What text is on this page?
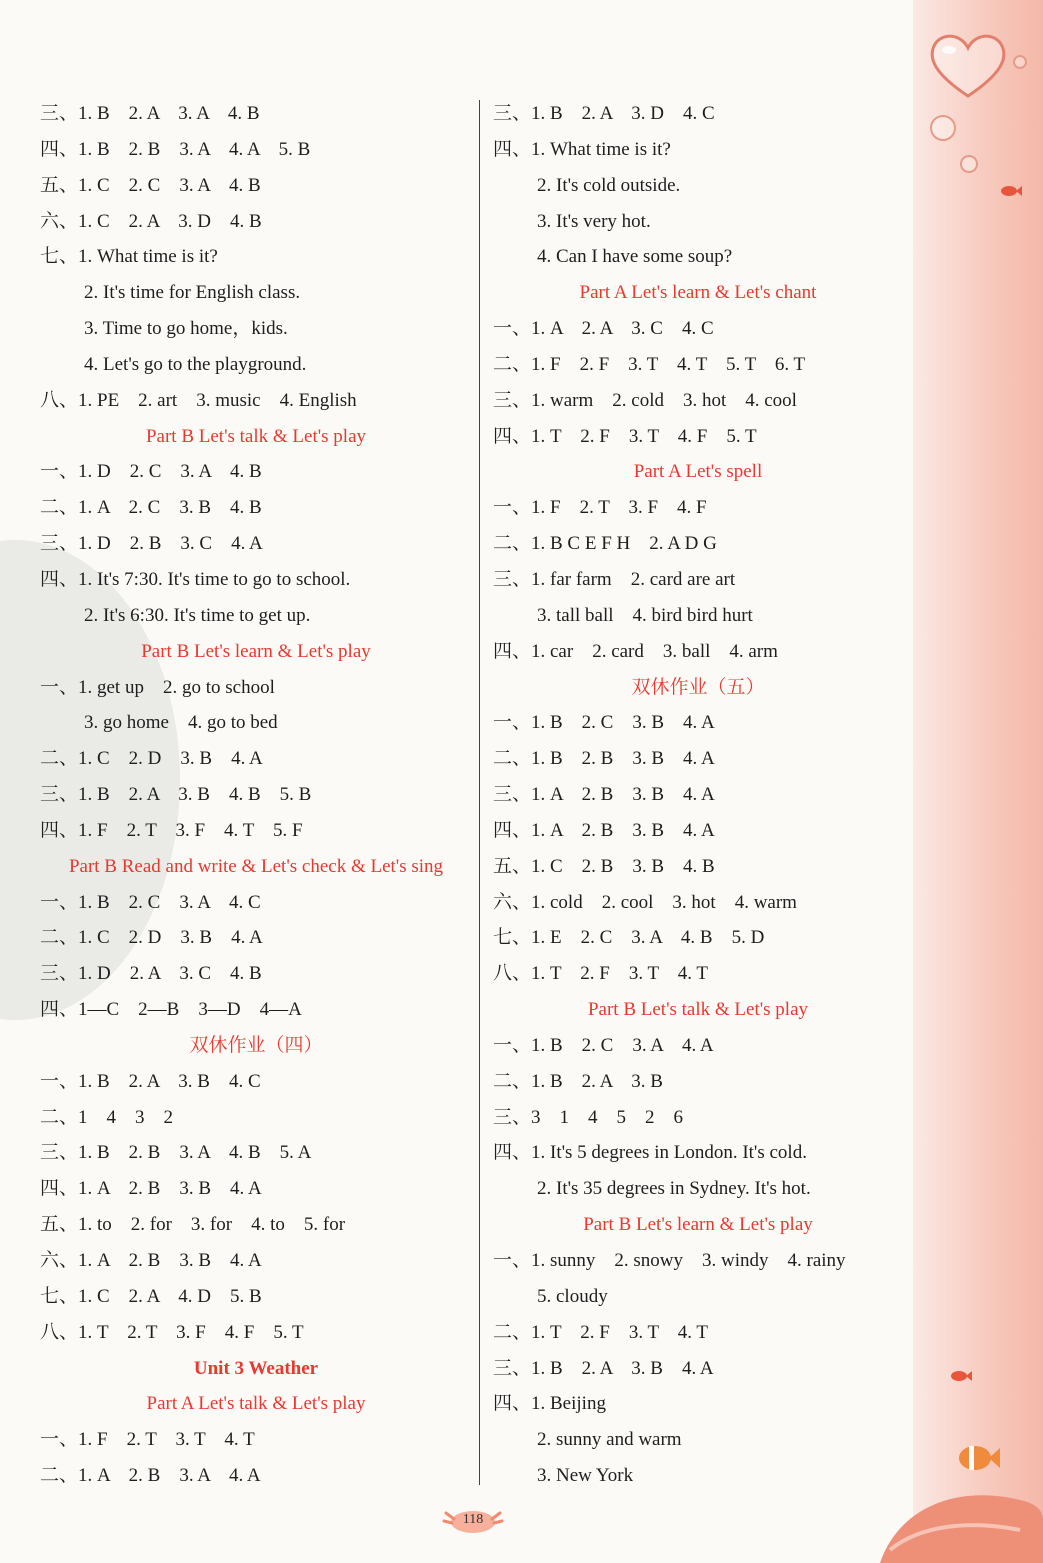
三、1. B　2. A　3. A　4. B
四、1. B　2. B　3. A　4. A　5. B
五、1. C　2. C　3. A　4. B
六、1. C　2. A　3. D　4. B
七、1. What time is it?
2. It's time for English class.
3. Time to go home，kids.
4. Let's go to the playground.
八、1. PE　2. art　3. music　4. English
Part B Let's talk & Let's play
一、1. D　2. C　3. A　4. B
二、1. A　2. C　3. B　4. B
三、1. D　2. B　3. C　4. A
四、1. It's 7:30. It's time to go to school.
2. It's 6:30. It's time to get up.
Part B Let's learn & Let's play
一、1. get up　2. go to school
3. go home　4. go to bed
二、1. C　2. D　3. B　4. A
三、1. B　2. A　3. B　4. B　5. B
四、1. F　2. T　3. F　4. T　5. F
Part B Read and write & Let's check & Let's sing
一、1. B　2. C　3. A　4. C
二、1. C　2. D　3. B　4. A
三、1. D　2. A　3. C　4. B
四、1—C　2—B　3—D　4—A
双休作业（四）
一、1. B　2. A　3. B　4. C
二、1　4　3　2
三、1. B　2. B　3. A　4. B　5. A
四、1. A　2. B　3. B　4. A
五、1. to　2. for　3. for　4. to　5. for
六、1. A　2. B　3. B　4. A
七、1. C　2. A　4. D　5. B
八、1. T　2. T　3. F　4. F　5. T
Unit 3 Weather
Part A Let's talk & Let's play
一、1. F　2. T　3. T　4. T
二、1. A　2. B　3. A　4. A
三、1. B　2. A　3. D　4. C
四、1. What time is it?
2. It's cold outside.
3. It's very hot.
4. Can I have some soup?
Part A Let's learn & Let's chant
一、1. A　2. A　3. C　4. C
二、1. F　2. F　3. T　4. T　5. T　6. T
三、1. warm　2. cold　3. hot　4. cool
四、1. T　2. F　3. T　4. F　5. T
Part A Let's spell
一、1. F　2. T　3. F　4. F
二、1. B C E F H　2. A D G
三、1. far farm　2. card are art
3. tall ball　4. bird bird hurt
四、1. car　2. card　3. ball　4. arm
双休作业（五）
一、1. B　2. C　3. B　4. A
二、1. B　2. B　3. B　4. A
三、1. A　2. B　3. B　4. A
四、1. A　2. B　3. B　4. A
五、1. C　2. B　3. B　4. B
六、1. cold　2. cool　3. hot　4. warm
七、1. E　2. C　3. A　4. B　5. D
八、1. T　2. F　3. T　4. T
Part B Let's talk & Let's play
一、1. B　2. C　3. A　4. A
二、1. B　2. A　3. B
三、3　1　4　5　2　6
四、1. It's 5 degrees in London. It's cold.
2. It's 35 degrees in Sydney. It's hot.
Part B Let's learn & Let's play
一、1. sunny　2. snowy　3. windy　4. rainy
5. cloudy
二、1. T　2. F　3. T　4. T
三、1. B　2. A　3. B　4. A
四、1. Beijing
2. sunny and warm
3. New York
118
